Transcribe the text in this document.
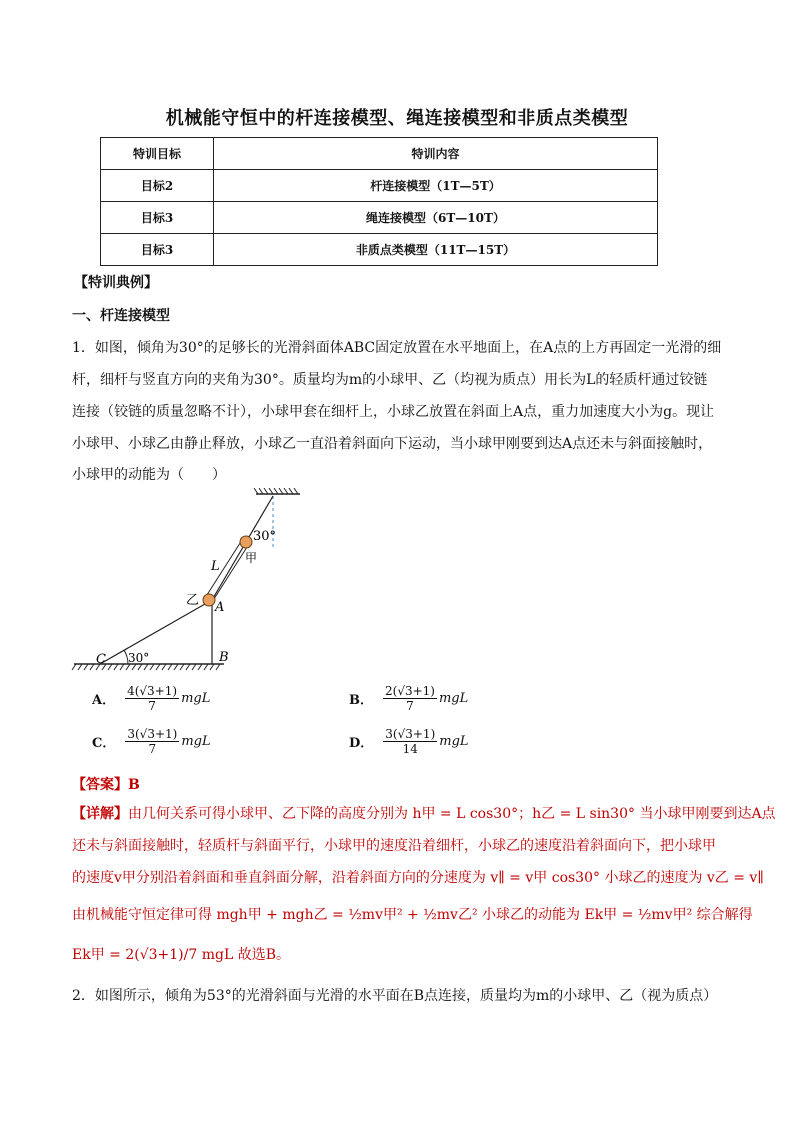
机械能守恒中的杆连接模型、绳连接模型和非质点类模型
特训目标	特训内容
目标2	杆连接模型（1T—5T）
目标3	绳连接模型（6T—10T）
目标3	非质点类模型（11T—15T）
【特训典例】
一、杆连接模型
1．如图，倾角为30°的足够长的光滑斜面体ABC固定放置在水平地面上，在A点的上方再固定一光滑的细
杆，细杆与竖直方向的夹角为30°。质量均为m的小球甲、乙（均视为质点）用长为L的轻质杆通过铰链
连接（铰链的质量忽略不计），小球甲套在细杆上，小球乙放置在斜面上A点，重力加速度大小为g。现让
小球甲、小球乙由静止释放，小球乙一直沿着斜面向下运动，当小球甲刚要到达A点还未与斜面接触时，
小球甲的动能为（　　）
30°
甲
L
乙 A
B
C 30°
A． $\frac{4(√3+1)}{7}$ mgL	B． $\frac{2(√3+1)}{7}$ mgL
C． $\frac{3(√3+1)}{7}$ mgL	D． $\frac{3(√3+1)}{14}$ mgL
【答案】B
【详解】由几何关系可得小球甲、乙下降的高度分别为 h甲 = L cos30°；h乙 = L sin30° 当小球甲刚要到达A点
还未与斜面接触时，轻质杆与斜面平行，小球甲的速度沿着细杆，小球乙的速度沿着斜面向下，把小球甲
的速度v甲分别沿着斜面和垂直斜面分解，沿着斜面方向的分速度为 v∥ = v甲 cos30° 小球乙的速度为 v乙 = v∥
由机械能守恒定律可得 mgh甲 + mgh乙 = ½mv甲² + ½mv乙² 小球乙的动能为 Ek甲 = ½mv甲² 综合解得
Ek甲 = 2(√3+1)/7 mgL 故选B。
2．如图所示，倾角为53°的光滑斜面与光滑的水平面在B点连接，质量均为m的小球甲、乙（视为质点）
